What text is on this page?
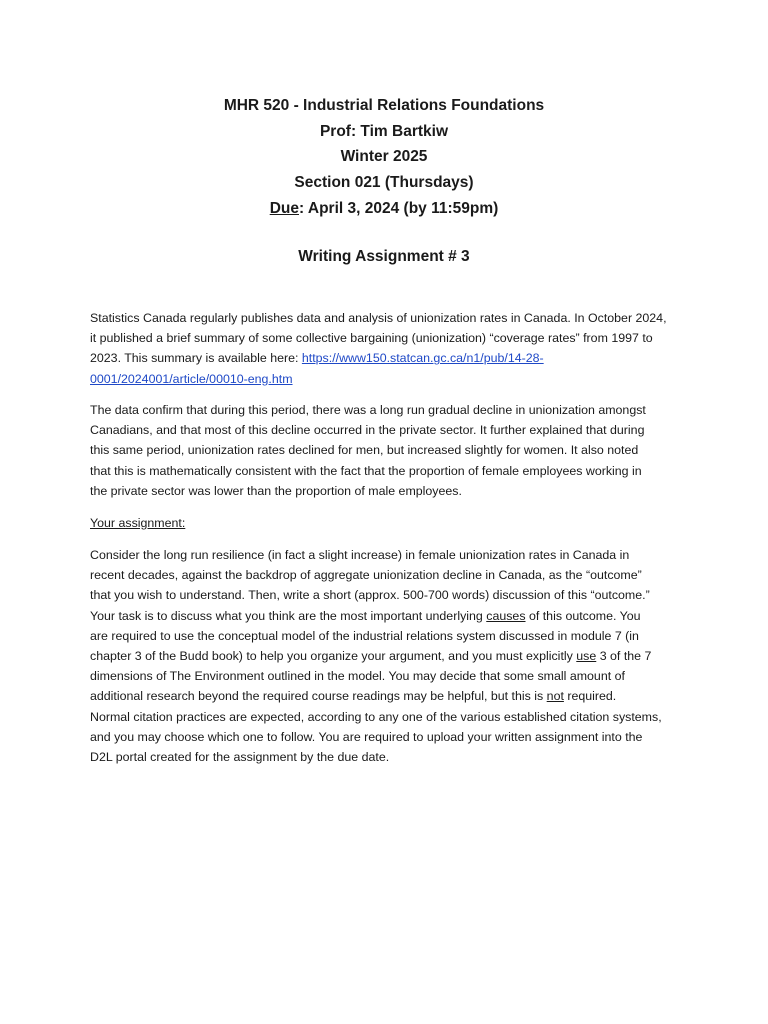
MHR 520 - Industrial Relations Foundations
Prof: Tim Bartkiw
Winter 2025
Section 021 (Thursdays)
Due: April 3, 2024 (by 11:59pm)
Writing Assignment # 3
Statistics Canada regularly publishes data and analysis of unionization rates in Canada. In October 2024,
it published a brief summary of some collective bargaining (unionization) “coverage rates” from 1997 to
2023. This summary is available here: https://www150.statcan.gc.ca/n1/pub/14-28-
0001/2024001/article/00010-eng.htm
The data confirm that during this period, there was a long run gradual decline in unionization amongst
Canadians, and that most of this decline occurred in the private sector. It further explained that during
this same period, unionization rates declined for men, but increased slightly for women. It also noted
that this is mathematically consistent with the fact that the proportion of female employees working in
the private sector was lower than the proportion of male employees.
Your assignment:
Consider the long run resilience (in fact a slight increase) in female unionization rates in Canada in
recent decades, against the backdrop of aggregate unionization decline in Canada, as the “outcome”
that you wish to understand. Then, write a short (approx. 500-700 words) discussion of this “outcome.”
Your task is to discuss what you think are the most important underlying causes of this outcome. You
are required to use the conceptual model of the industrial relations system discussed in module 7 (in
chapter 3 of the Budd book) to help you organize your argument, and you must explicitly use 3 of the 7
dimensions of The Environment outlined in the model. You may decide that some small amount of
additional research beyond the required course readings may be helpful, but this is not required.
Normal citation practices are expected, according to any one of the various established citation systems,
and you may choose which one to follow. You are required to upload your written assignment into the
D2L portal created for the assignment by the due date.
